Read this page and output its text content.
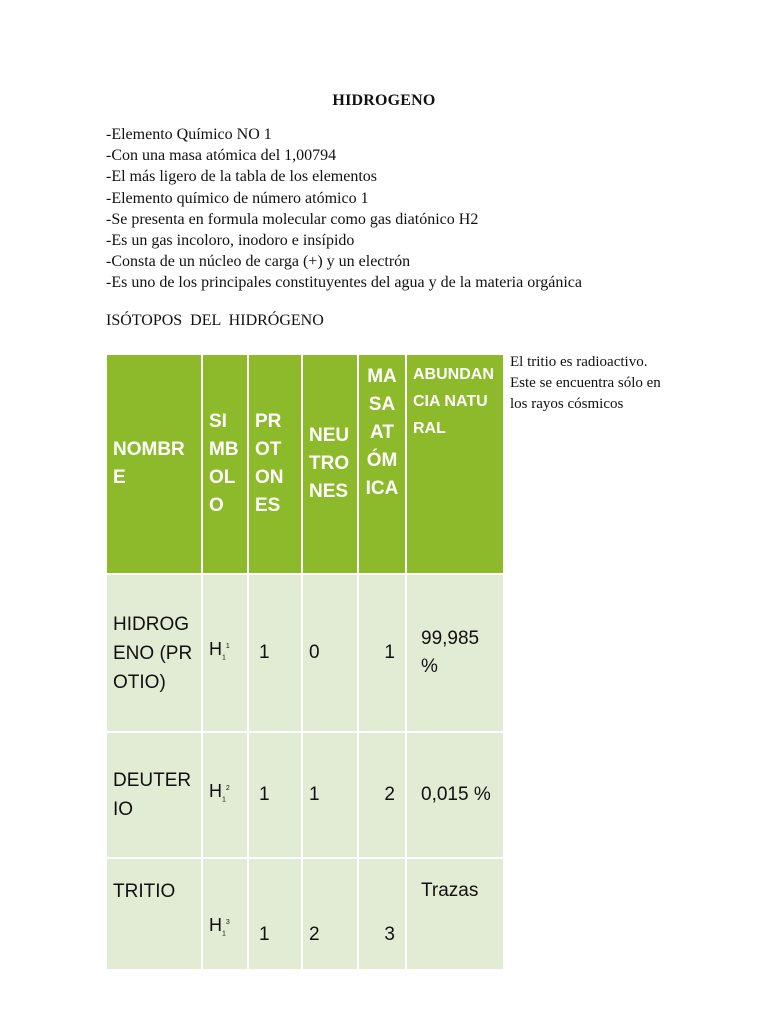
HIDROGENO
-Elemento Químico NO 1
-Con una masa atómica del 1,00794
-El más ligero de la tabla de los elementos
-Elemento químico de número atómico 1
-Se presenta en formula molecular como gas diatónico H2
-Es un gas incoloro, inodoro e insípido
-Consta de un núcleo de carga (+) y un electrón
-Es uno de los principales constituyentes del agua y de la materia orgánica
ISÓTOPOS  DEL  HIDRÓGENO
El tritio es radioactivo. Este se encuentra sólo en los rayos cósmicos
NOMBRE	SIMBOLO	PROTONES	NEUTRONES	MASA ATÓMICA	ABUNDANCIA NATURAL
HIDROGENO (PROTIO)	$H_1^1$	1	0	1	99,985 %
DEUTERIO	$H_1^2$	1	1	2	0,015 %
TRITIO	$H_1^3$	1	2	3	Trazas
